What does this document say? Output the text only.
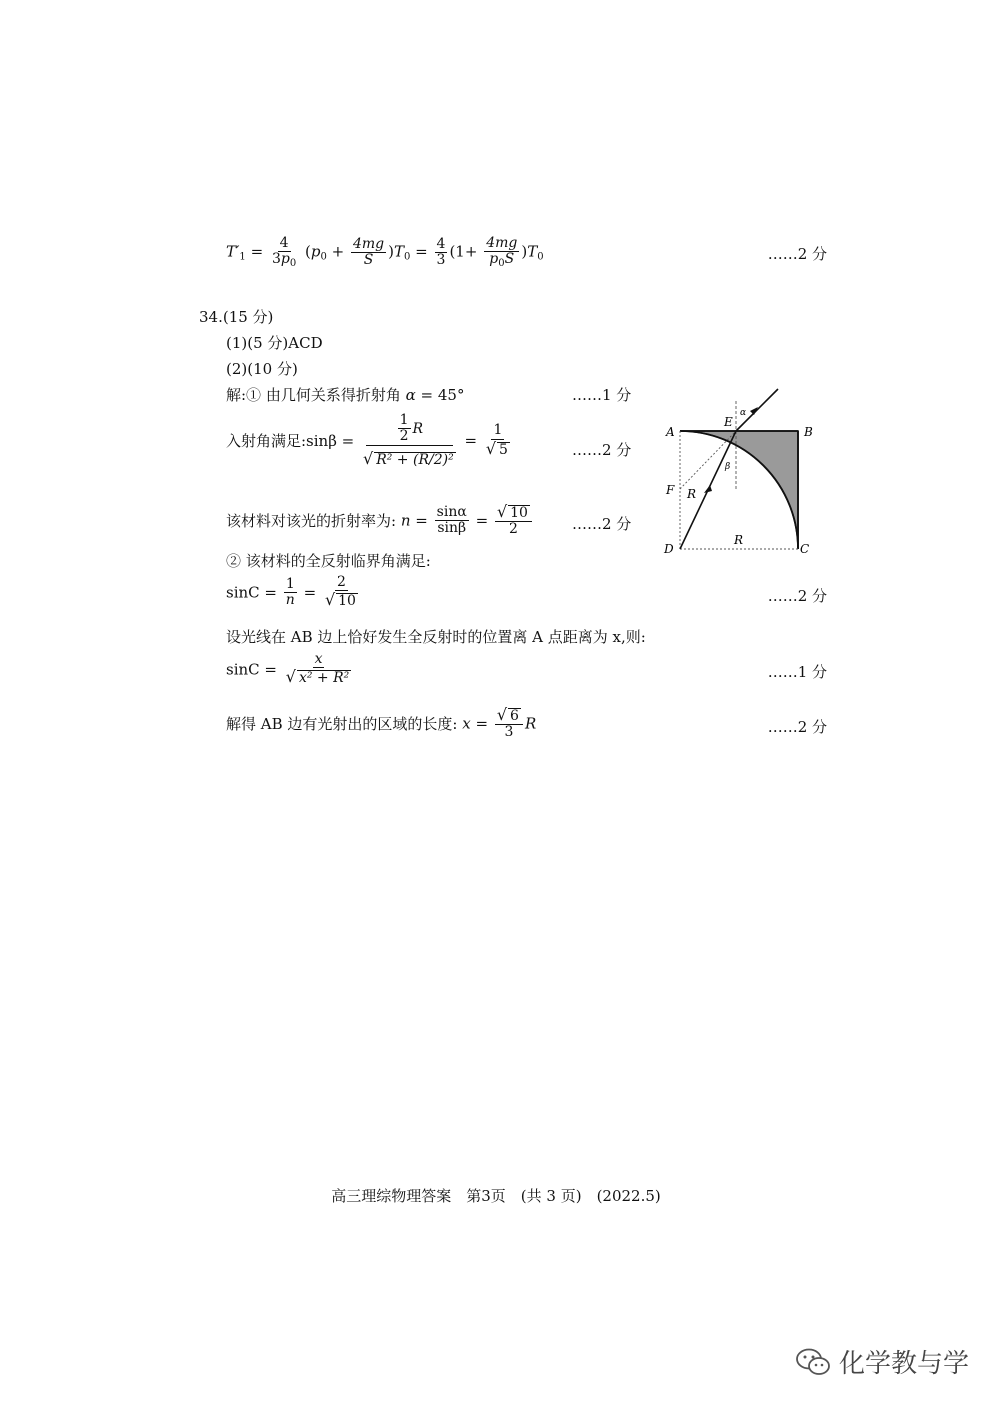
$T'_1 = \frac{4}{3p_0} (p_0 + \frac{4mg}{S} )T_0 = \frac{4}{3} (1+ \frac{4mg}{p_0S} )T_0$	……2 分
34.(15 分)
(1)(5 分)ACD
(2)(10 分)
解:① 由几何关系得折射角 α = 45°	……1 分
入射角满足:sinβ = $\frac{\frac{1}{2} R}{\text{√ R² + (R/2)²}} = \frac{1}{√ 5}$	……2 分
该材料对该光的折射率为: $n = \frac{\sin\alpha}{\sin\beta} = \frac{√ 10}{2}$	……2 分
② 该材料的全反射临界角满足:
$\sin C = \frac{1}{n} = \frac{2}{√ 10}$	……2 分
设光线在 AB 边上恰好发生全反射时的位置离 A 点距离为 x,则:
$\sin C = \frac{x}{\text{√ x² + R²}}$	……1 分
解得 AB 边有光射出的区域的长度: $x = \frac{√ 6}{3}$ R	……2 分
A	B
C
D
E
F R
R
α
β
高三理综物理答案　第3页　(共 3 页)　(2022.5)
化学教与学
